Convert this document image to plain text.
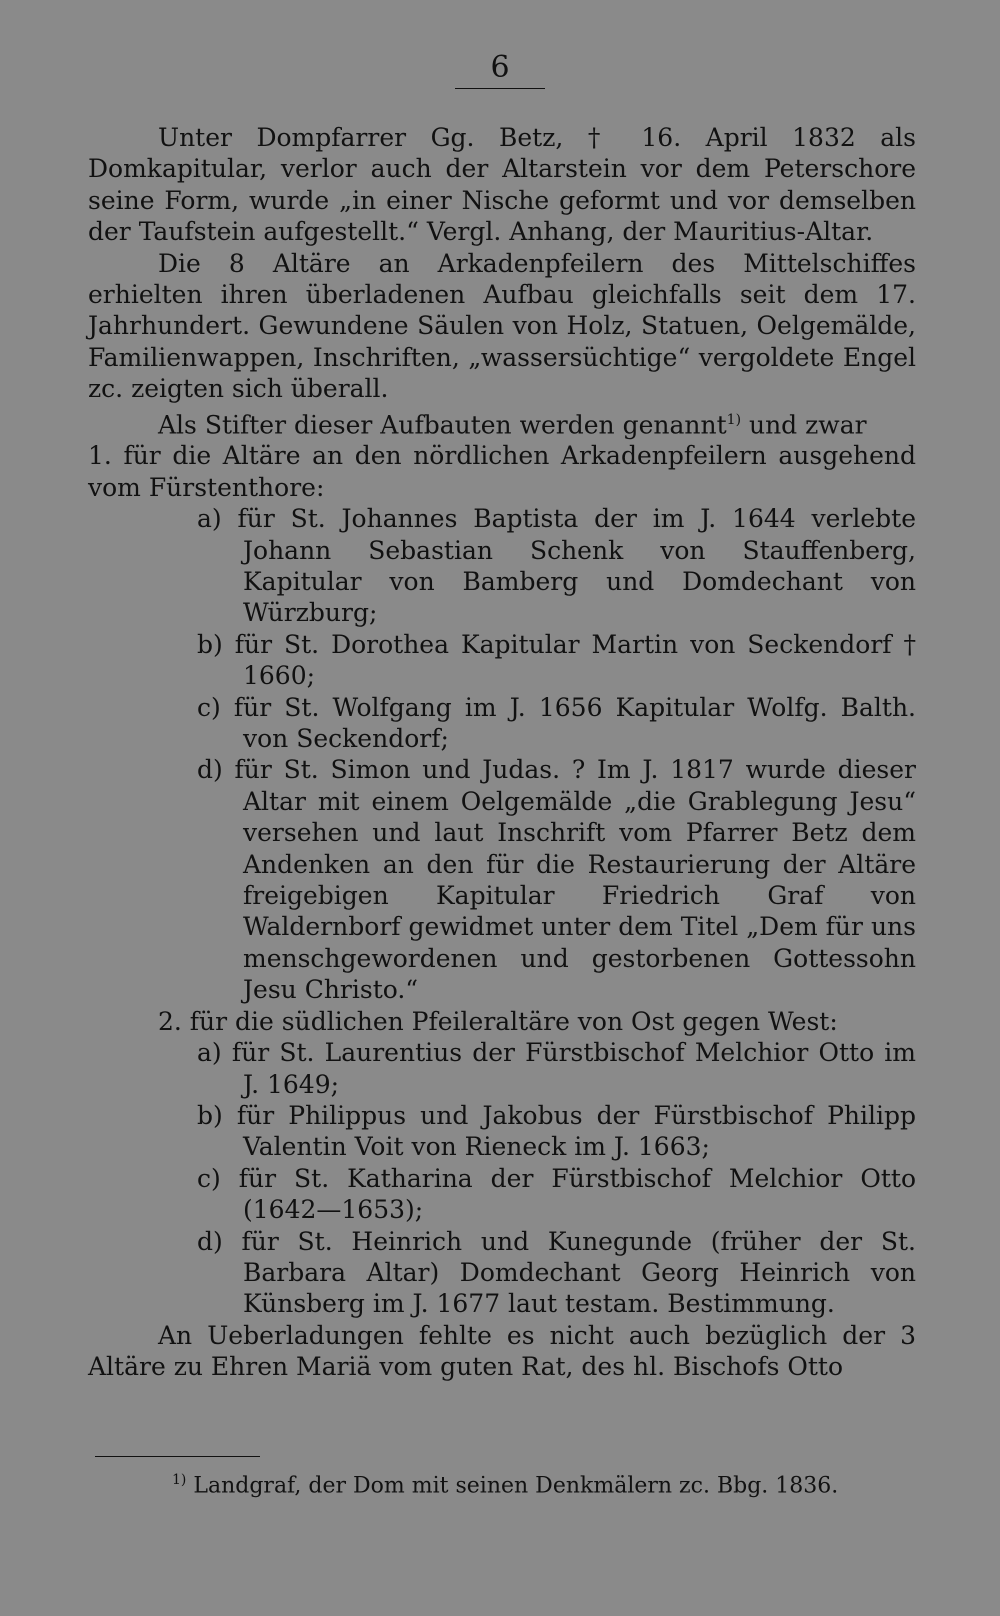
6

Unter Dompfarrer Gg. Betz, † 16. April 1832 als Domkapitular, verlor auch der Altarstein vor dem Peterschore seine Form, wurde „in einer Nische geformt und vor demselben der Taufstein aufgestellt.“ Vergl. Anhang, der Mauritius-Altar.

Die 8 Altäre an Arkadenpfeilern des Mittelschiffes erhielten ihren überladenen Aufbau gleichfalls seit dem 17. Jahrhundert. Gewundene Säulen von Holz, Statuen, Oelgemälde, Familienwappen, Inschriften, „wassersüchtige“ vergoldete Engel zc. zeigten sich überall.

Als Stifter dieser Aufbauten werden genannt$^{1)}$ und zwar

1. für die Altäre an den nördlichen Arkadenpfeilern ausgehend vom Fürstenthore:

a) für St. Johannes Baptista der im J. 1644 verlebte Johann Sebastian Schenk von Stauffenberg, Kapitular von Bamberg und Domdechant von Würzburg;

b) für St. Dorothea Kapitular Martin von Seckendorf † 1660;

c) für St. Wolfgang im J. 1656 Kapitular Wolfg. Balth. von Seckendorf;

d) für St. Simon und Judas. ? Im J. 1817 wurde dieser Altar mit einem Oelgemälde „die Grablegung Jesu“ versehen und laut Inschrift vom Pfarrer Betz dem Andenken an den für die Restaurierung der Altäre freigebigen Kapitular Friedrich Graf von Waldernborf gewidmet unter dem Titel „Dem für uns menschgewordenen und gestorbenen Gottessohn Jesu Christo.“

2. für die südlichen Pfeileraltäre von Ost gegen West:

a) für St. Laurentius der Fürstbischof Melchior Otto im J. 1649;

b) für Philippus und Jakobus der Fürstbischof Philipp Valentin Voit von Rieneck im J. 1663;

c) für St. Katharina der Fürstbischof Melchior Otto (1642—1653);

d) für St. Heinrich und Kunegunde (früher der St. Barbara Altar) Domdechant Georg Heinrich von Künsberg im J. 1677 laut testam. Bestimmung.

An Ueberladungen fehlte es nicht auch bezüglich der 3 Altäre zu Ehren Mariä vom guten Rat, des hl. Bischofs Otto

$^{1)}$ Landgraf, der Dom mit seinen Denkmälern zc. Bbg. 1836.
